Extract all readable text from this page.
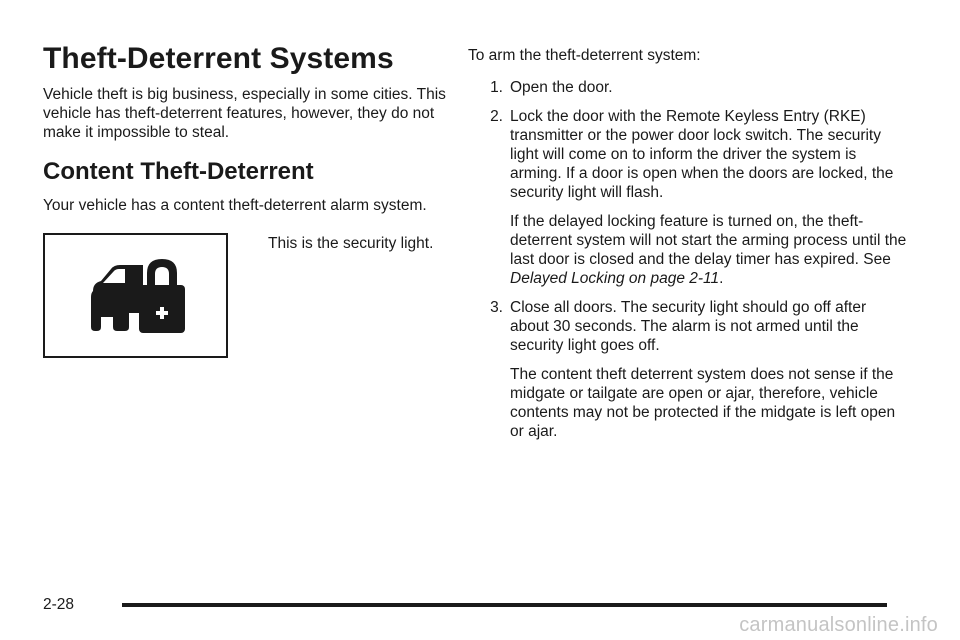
Theft-Deterrent Systems

Vehicle theft is big business, especially in some cities. This vehicle has theft-deterrent features, however, they do not make it impossible to steal.

Content Theft-Deterrent

Your vehicle has a content theft-deterrent alarm system.

This is the security light.

To arm the theft-deterrent system:

1. Open the door.

2. Lock the door with the Remote Keyless Entry (RKE) transmitter or the power door lock switch. The security light will come on to inform the driver the system is arming. If a door is open when the doors are locked, the security light will flash.

If the delayed locking feature is turned on, the theft-deterrent system will not start the arming process until the last door is closed and the delay timer has expired. See Delayed Locking on page 2-11.

3. Close all doors. The security light should go off after about 30 seconds. The alarm is not armed until the security light goes off.

The content theft deterrent system does not sense if the midgate or tailgate are open or ajar, therefore, vehicle contents may not be protected if the midgate is left open or ajar.

2-28
carmanualsonline.info
